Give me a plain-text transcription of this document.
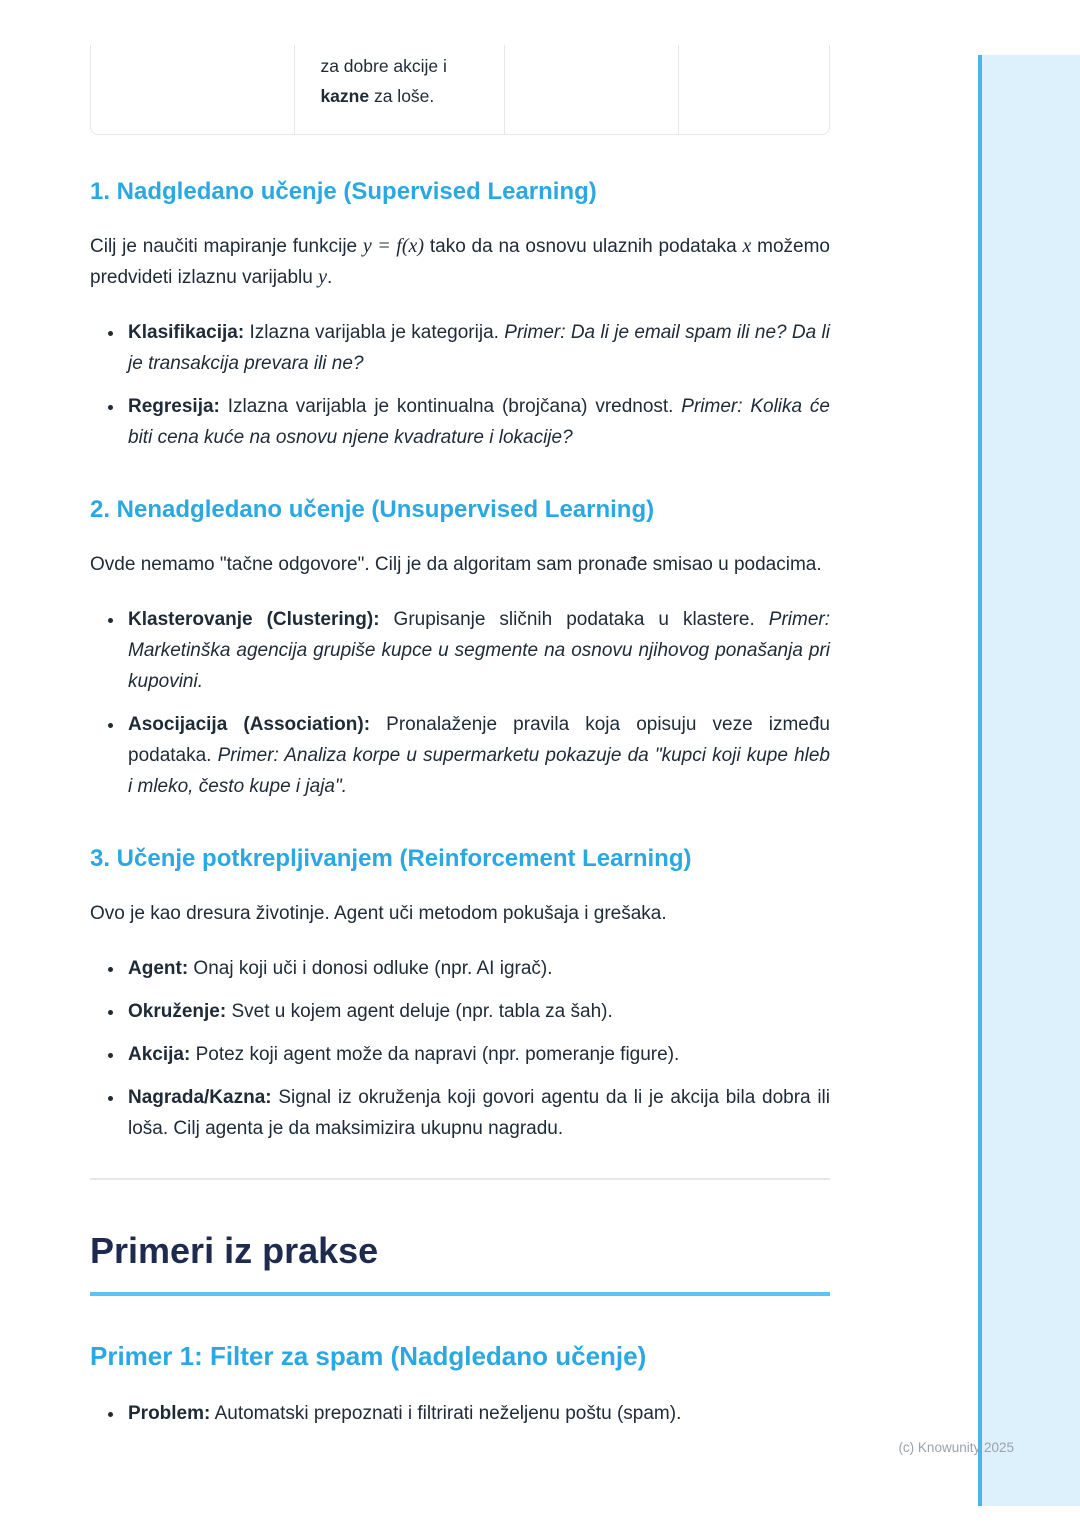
za dobre akcije i
kazne za loše.
1. Nadgledano učenje (Supervised Learning)

Cilj je naučiti mapiranje funkcije y = f(x) tako da na osnovu ulaznih podataka x možemo predvideti izlaznu varijablu y.

• Klasifikacija: Izlazna varijabla je kategorija. Primer: Da li je email spam ili ne? Da li je transakcija prevara ili ne?
• Regresija: Izlazna varijabla je kontinualna (brojčana) vrednost. Primer: Kolika će biti cena kuće na osnovu njene kvadrature i lokacije?
2. Nenadgledano učenje (Unsupervised Learning)

Ovde nemamo "tačne odgovore". Cilj je da algoritam sam pronađe smisao u podacima.

• Klasterovanje (Clustering): Grupisanje sličnih podataka u klastere. Primer: Marketinška agencija grupiše kupce u segmente na osnovu njihovog ponašanja pri kupovini.
• Asocijacija (Association): Pronalaženje pravila koja opisuju veze između podataka. Primer: Analiza korpe u supermarketu pokazuje da "kupci koji kupe hleb i mleko, često kupe i jaja".
3. Učenje potkrepljivanjem (Reinforcement Learning)

Ovo je kao dresura životinje. Agent uči metodom pokušaja i grešaka.

• Agent: Onaj koji uči i donosi odluke (npr. AI igrač).
• Okruženje: Svet u kojem agent deluje (npr. tabla za šah).
• Akcija: Potez koji agent može da napravi (npr. pomeranje figure).
• Nagrada/Kazna: Signal iz okruženja koji govori agentu da li je akcija bila dobra ili loša. Cilj agenta je da maksimizira ukupnu nagradu.
Primeri iz prakse
Primer 1: Filter za spam (Nadgledano učenje)
• Problem: Automatski prepoznati i filtrirati neželjenu poštu (spam).
(c) Knowunity 2025
